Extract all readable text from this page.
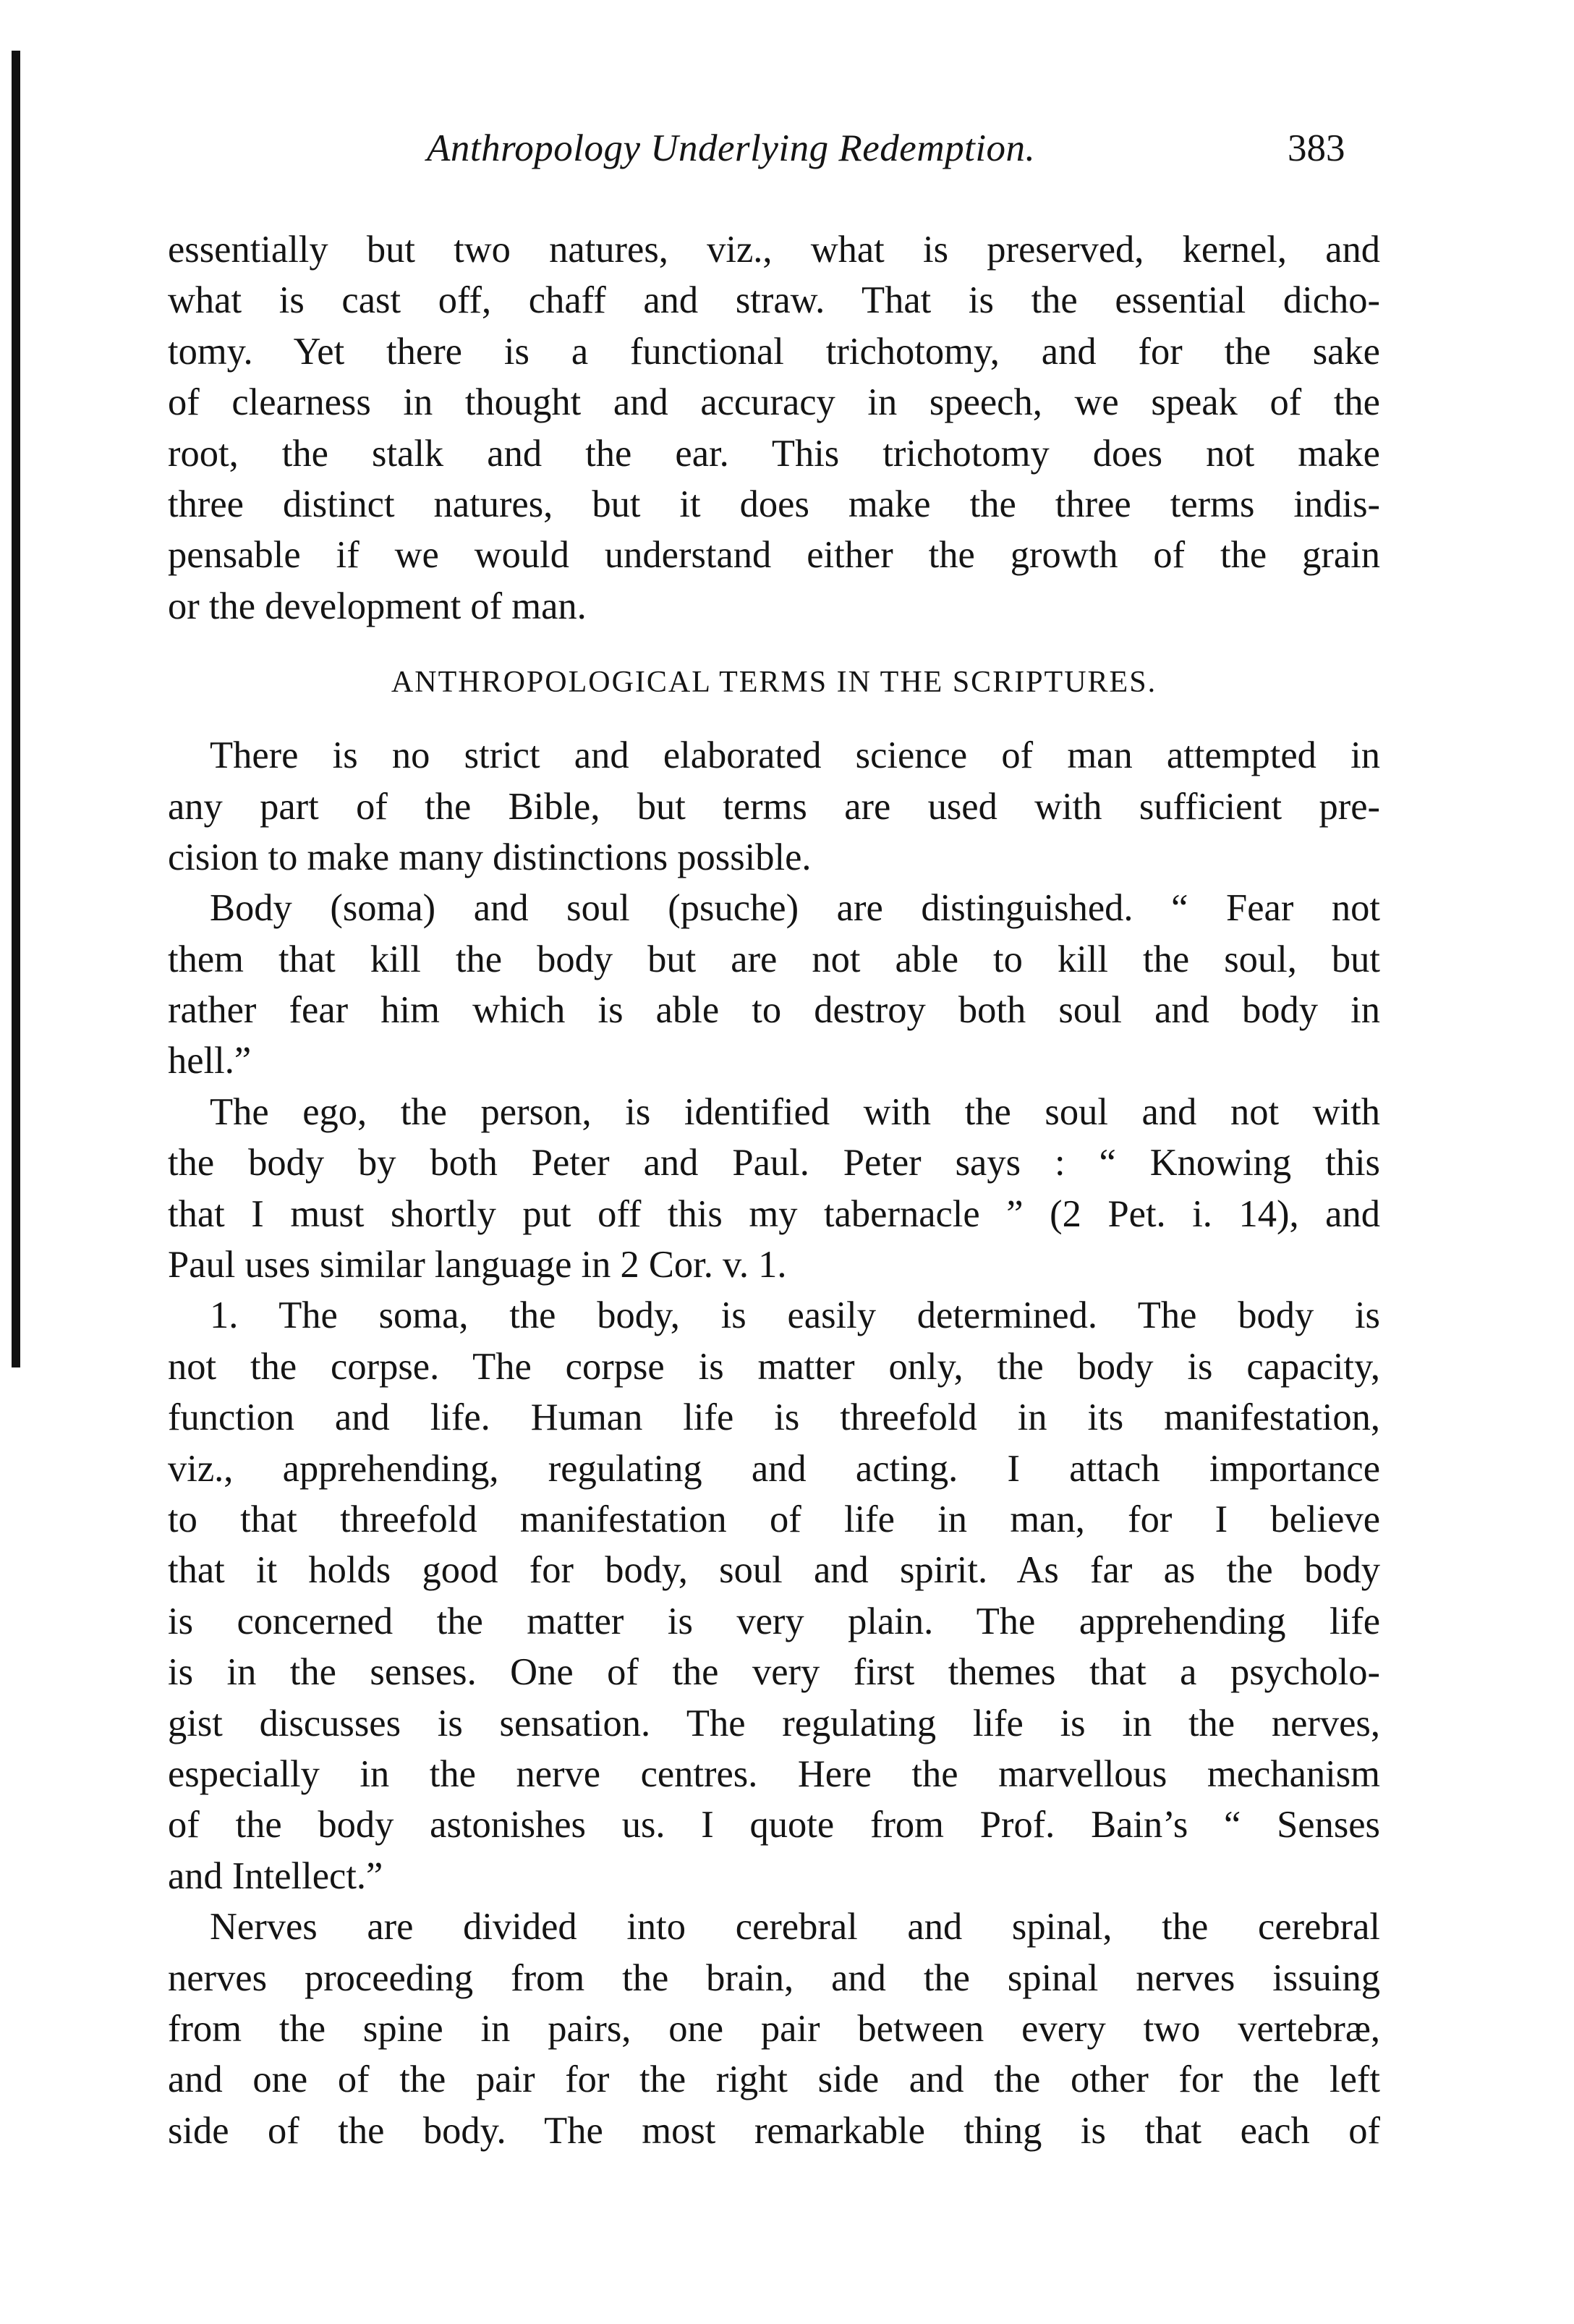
Anthropology Underlying Redemption.	383
essentially but two natures, viz., what is preserved, kernel, and
what is cast off, chaff and straw. That is the essential dicho-
tomy. Yet there is a functional trichotomy, and for the sake
of clearness in thought and accuracy in speech, we speak of the
root, the stalk and the ear. This trichotomy does not make
three distinct natures, but it does make the three terms indis-
pensable if we would understand either the growth of the grain
or the development of man.
ANTHROPOLOGICAL TERMS IN THE SCRIPTURES.
There is no strict and elaborated science of man attempted in
any part of the Bible, but terms are used with sufficient pre-
cision to make many distinctions possible.
Body (soma) and soul (psuche) are distinguished. “ Fear not
them that kill the body but are not able to kill the soul, but
rather fear him which is able to destroy both soul and body in
hell.”
The ego, the person, is identified with the soul and not with
the body by both Peter and Paul. Peter says : “ Knowing this
that I must shortly put off this my tabernacle ” (2 Pet. i. 14), and
Paul uses similar language in 2 Cor. v. 1.
1. The soma, the body, is easily determined. The body is
not the corpse. The corpse is matter only, the body is capacity,
function and life. Human life is threefold in its manifestation,
viz., apprehending, regulating and acting. I attach importance
to that threefold manifestation of life in man, for I believe
that it holds good for body, soul and spirit. As far as the body
is concerned the matter is very plain. The apprehending life
is in the senses. One of the very first themes that a psycholo-
gist discusses is sensation. The regulating life is in the nerves,
especially in the nerve centres. Here the marvellous mechanism
of the body astonishes us. I quote from Prof. Bain’s “ Senses
and Intellect.”
Nerves are divided into cerebral and spinal, the cerebral
nerves proceeding from the brain, and the spinal nerves issuing
from the spine in pairs, one pair between every two vertebræ,
and one of the pair for the right side and the other for the left
side of the body. The most remarkable thing is that each of
